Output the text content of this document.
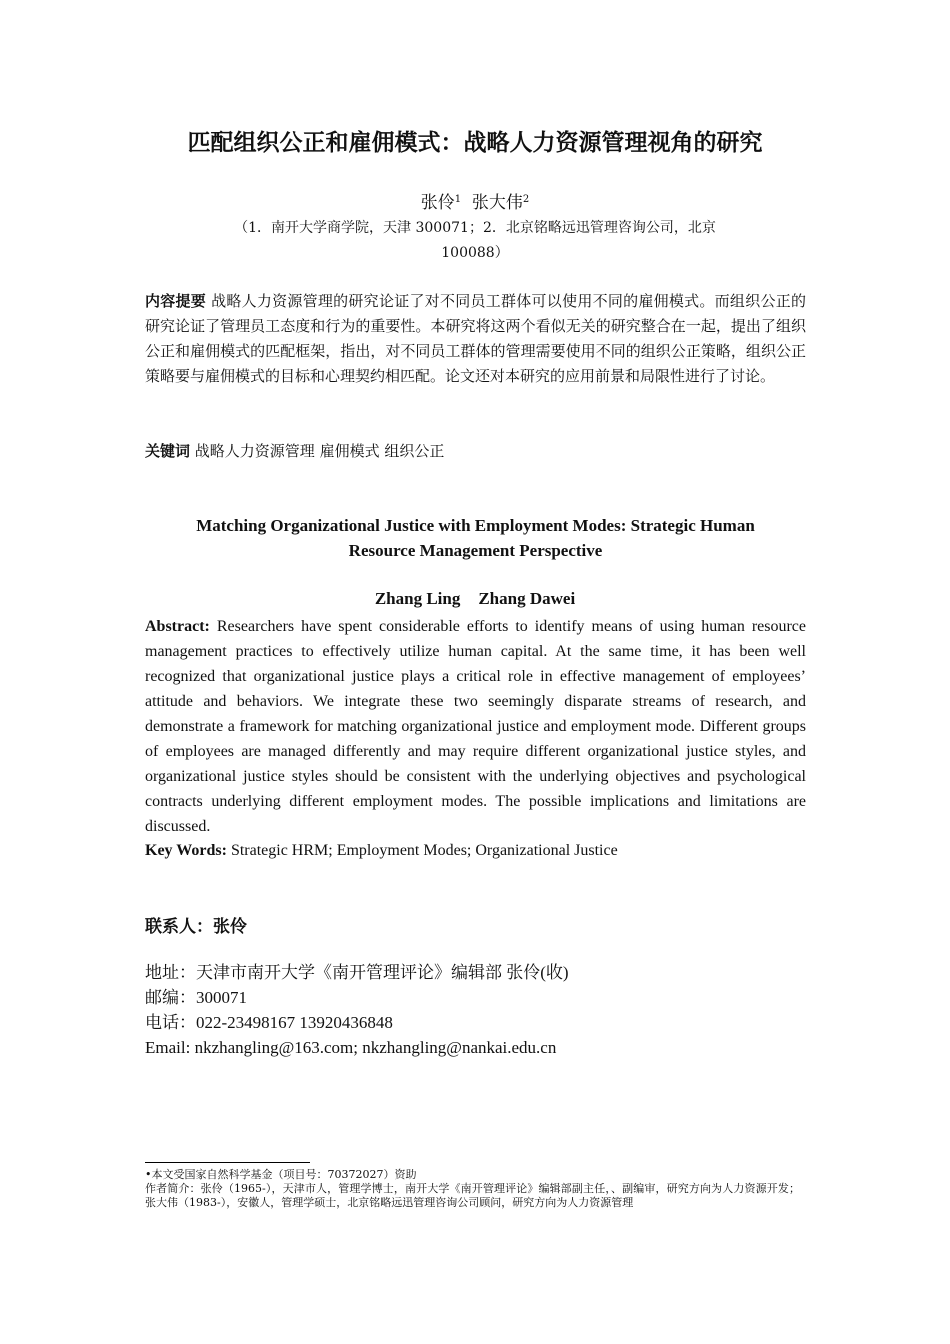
匹配组织公正和雇佣模式：战略人力资源管理视角的研究
张伶$^1$ 张大伟$^2$
（1．南开大学商学院，天津 300071；2．北京铭略远迅管理咨询公司，北京
100088）
内容提要 战略人力资源管理的研究论证了对不同员工群体可以使用不同的雇佣模式。而组织公正的研究论证了管理员工态度和行为的重要性。本研究将这两个看似无关的研究整合在一起，提出了组织公正和雇佣模式的匹配框架，指出，对不同员工群体的管理需要使用不同的组织公正策略，组织公正策略要与雇佣模式的目标和心理契约相匹配。论文还对本研究的应用前景和局限性进行了讨论。
关键词 战略人力资源管理 雇佣模式 组织公正
Matching Organizational Justice with Employment Modes: Strategic Human
Resource Management Perspective
Zhang Ling Zhang Dawei
Abstract: Researchers have spent considerable efforts to identify means of using human resource management practices to effectively utilize human capital. At the same time, it has been well recognized that organizational justice plays a critical role in effective management of employees’ attitude and behaviors. We integrate these two seemingly disparate streams of research, and demonstrate a framework for matching organizational justice and employment mode. Different groups of employees are managed differently and may require different organizational justice styles, and organizational justice styles should be consistent with the underlying objectives and psychological contracts underlying different employment modes. The possible implications and limitations are discussed.
Key Words: Strategic HRM; Employment Modes; Organizational Justice
联系人：张伶
地址：天津市南开大学《南开管理评论》编辑部 张伶(收)
邮编：300071
电话：022-23498167 13920436848
Email: nkzhangling@163.com; nkzhangling@nankai.edu.cn
•本文受国家自然科学基金（项目号：70372027）资助
作者简介：张伶（1965-），天津市人，管理学博士，南开大学《南开管理评论》编辑部副主任，、副编审，研究方向为人力资源开发；张大伟（1983-），安徽人，管理学硕士，北京铭略远迅管理咨询公司顾问，研究方向为人力资源管理
